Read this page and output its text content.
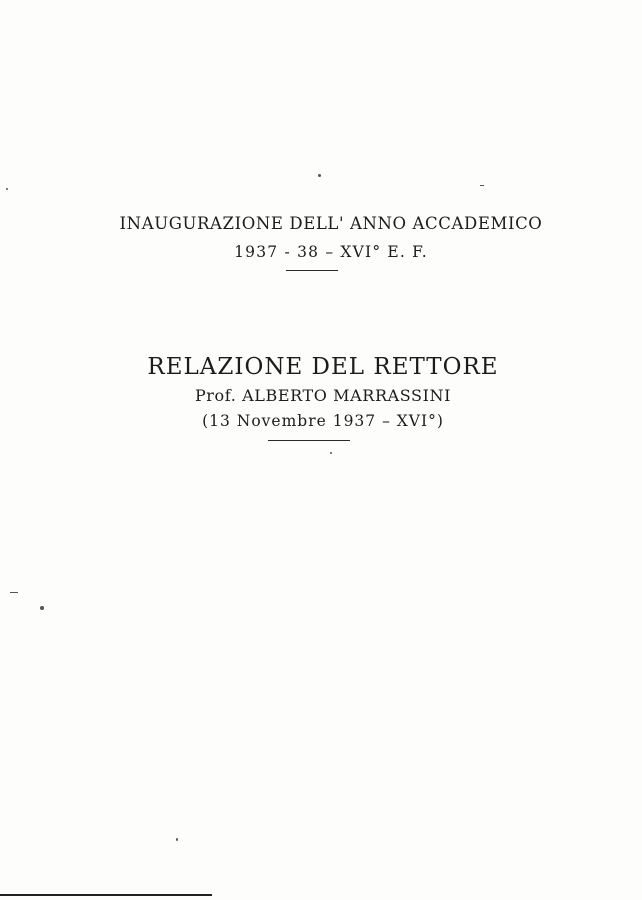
INAUGURAZIONE DELL' ANNO ACCADEMICO
1937 - 38 – XVI° E. F.
RELAZIONE DEL RETTORE
Prof. ALBERTO MARRASSINI
(13 Novembre 1937 – XVI°)
